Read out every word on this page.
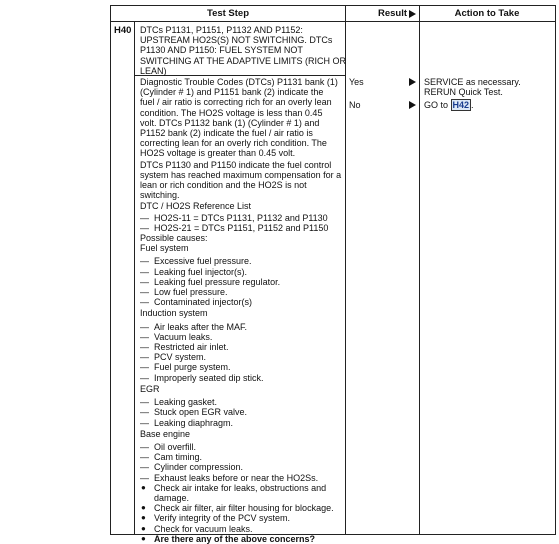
Test Step	Result	Action to Take
H40 DTCs P1131, P1151, P1132 AND P1152:
UPSTREAM HO2S(S) NOT SWITCHING. DTCs
P1130 AND P1150: FUEL SYSTEM NOT
SWITCHING AT THE ADAPTIVE LIMITS (RICH OR
LEAN)
Diagnostic Trouble Codes (DTCs) P1131 bank (1)
(Cylinder # 1) and P1151 bank (2) indicate the
fuel / air ratio is correcting rich for an overly lean
condition. The HO2S voltage is less than 0.45
volt. DTCs P1132 bank (1) (Cylinder # 1) and
P1152 bank (2) indicate the fuel / air ratio is
correcting lean for an overly rich condition. The
HO2S voltage is greater than 0.45 volt.
DTCs P1130 and P1150 indicate the fuel control
system has reached maximum compensation for a
lean or rich condition and the HO2S is not
switching.
DTC / HO2S Reference List
— HO2S-11 = DTCs P1131, P1132 and P1130
— HO2S-21 = DTCs P1151, P1152 and P1150
Possible causes:
Fuel system
— Excessive fuel pressure.
— Leaking fuel injector(s).
— Leaking fuel pressure regulator.
— Low fuel pressure.
— Contaminated injector(s)
Induction system
— Air leaks after the MAF.
— Vacuum leaks.
— Restricted air inlet.
— PCV system.
— Fuel purge system.
— Improperly seated dip stick.
EGR
— Leaking gasket.
— Stuck open EGR valve.
— Leaking diaphragm.
Base engine
— Oil overfill.
— Cam timing.
— Cylinder compression.
— Exhaust leaks before or near the HO2Ss.
● Check air intake for leaks, obstructions and
damage.
● Check air filter, air filter housing for blockage.
● Verify integrity of the PCV system.
● Check for vacuum leaks.
● Are there any of the above concerns?
Yes
No
SERVICE as necessary.
RERUN Quick Test.
GO to H42 .
